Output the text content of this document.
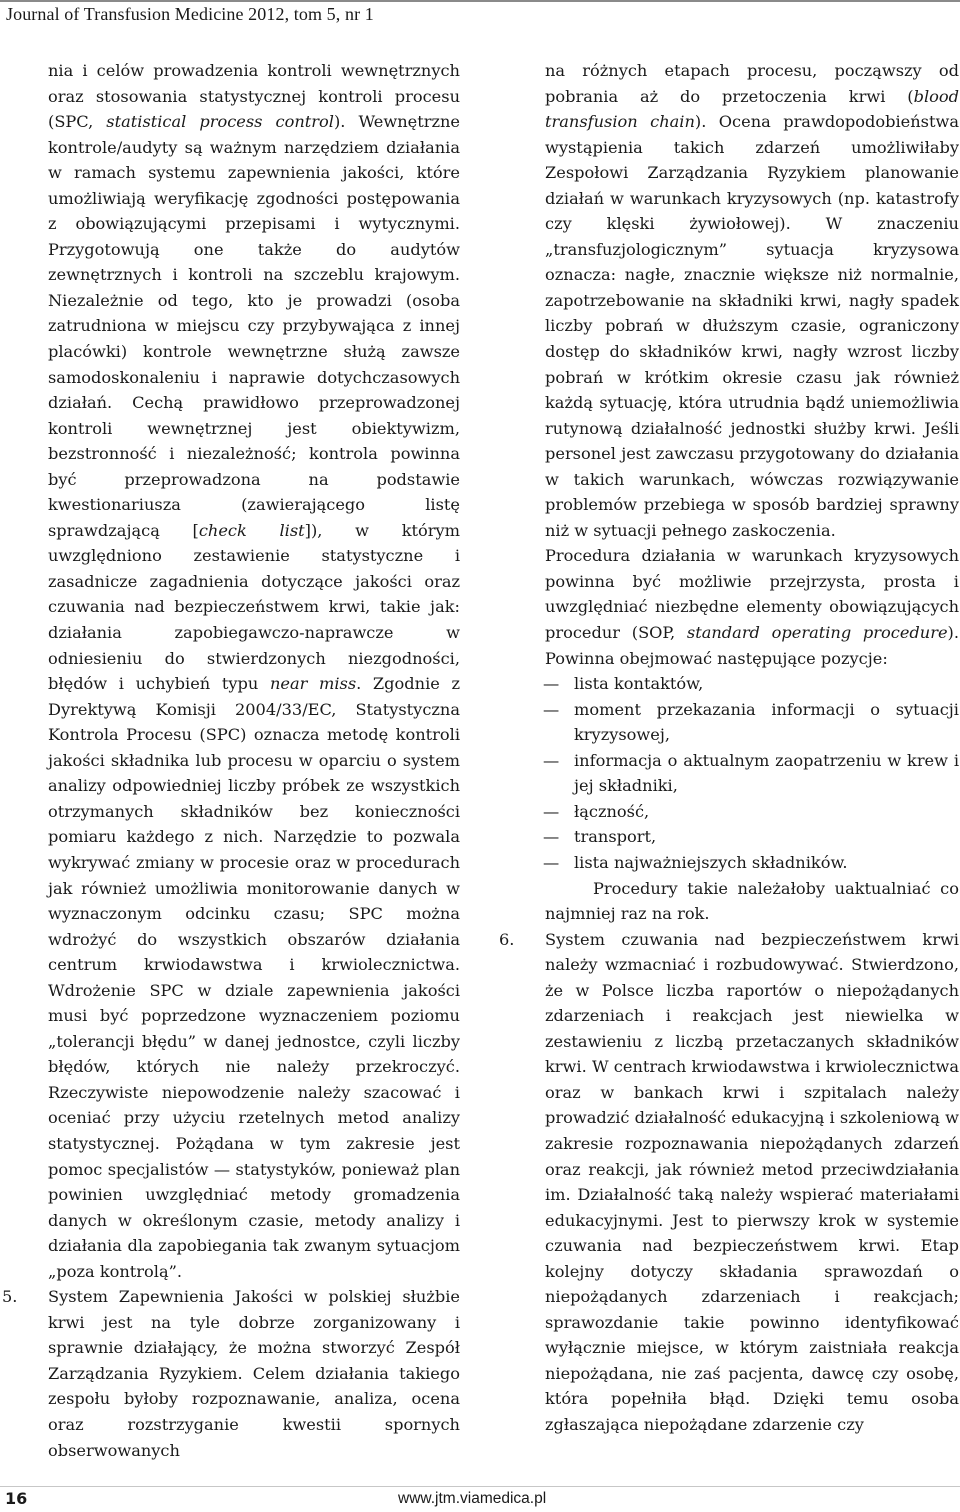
Journal of Transfusion Medicine 2012, tom 5, nr 1

nia i celów prowadzenia kontroli wewnętrznych oraz stosowania statystycznej kontroli procesu (SPC, statistical process control). Wewnętrzne kontrole/audyty są ważnym narzędziem działania w ramach systemu zapewnienia jakości, które umożliwiają weryfikację zgodności postępowania z obowiązującymi przepisami i wytycznymi. Przygotowują one także do audytów zewnętrznych i kontroli na szczeblu krajowym. Niezależnie od tego, kto je prowadzi (osoba zatrudniona w miejscu czy przybywająca z innej placówki) kontrole wewnętrzne służą zawsze samodoskonaleniu i naprawie dotychczasowych działań. Cechą prawidłowo przeprowadzonej kontroli wewnętrznej jest obiektywizm, bezstronność i niezależność; kontrola powinna być przeprowadzona na podstawie kwestionariusza (zawierającego listę sprawdzającą [check list]), w którym uwzględniono zestawienie statystyczne i zasadnicze zagadnienia dotyczące jakości oraz czuwania nad bezpieczeństwem krwi, takie jak: działania zapobiegawczo-naprawcze w odniesieniu do stwierdzonych niezgodności, błędów i uchybień typu near miss. Zgodnie z Dyrektywą Komisji 2004/33/EC, Statystyczna Kontrola Procesu (SPC) oznacza metodę kontroli jakości składnika lub procesu w oparciu o system analizy odpowiedniej liczby próbek ze wszystkich otrzymanych składników bez konieczności pomiaru każdego z nich. Narzędzie to pozwala wykrywać zmiany w procesie oraz w procedurach jak również umożliwia monitorowanie danych w wyznaczonym odcinku czasu; SPC można wdrożyć do wszystkich obszarów działania centrum krwiodawstwa i krwiolecznictwa. Wdrożenie SPC w dziale zapewnienia jakości musi być poprzedzone wyznaczeniem poziomu „tolerancji błędu” w danej jednostce, czyli liczby błędów, których nie należy przekroczyć. Rzeczywiste niepowodzenie należy szacować i oceniać przy użyciu rzetelnych metod analizy statystycznej. Pożądana w tym zakresie jest pomoc specjalistów — statystyków, ponieważ plan powinien uwzględniać metody gromadzenia danych w określonym czasie, metody analizy i działania dla zapobiegania tak zwanym sytuacjom „poza kontrolą”.

5. System Zapewnienia Jakości w polskiej służbie krwi jest na tyle dobrze zorganizowany i sprawnie działający, że można stworzyć Zespół Zarządzania Ryzykiem. Celem działania takiego zespołu byłoby rozpoznawanie, analiza, ocena oraz rozstrzyganie kwestii spornych obserwowanych

na różnych etapach procesu, począwszy od pobrania aż do przetoczenia krwi (blood transfusion chain). Ocena prawdopodobieństwa wystąpienia takich zdarzeń umożliwiłaby Zespołowi Zarządzania Ryzykiem planowanie działań w warunkach kryzysowych (np. katastrofy czy klęski żywiołowej). W znaczeniu „transfuzjologicznym” sytuacja kryzysowa oznacza: nagłe, znacznie większe niż normalnie, zapotrzebowanie na składniki krwi, nagły spadek liczby pobrań w dłuższym czasie, ograniczony dostęp do składników krwi, nagły wzrost liczby pobrań w krótkim okresie czasu jak również każdą sytuację, która utrudnia bądź uniemożliwia rutynową działalność jednostki służby krwi. Jeśli personel jest zawczasu przygotowany do działania w takich warunkach, wówczas rozwiązywanie problemów przebiega w sposób bardziej sprawny niż w sytuacji pełnego zaskoczenia.

Procedura działania w warunkach kryzysowych powinna być możliwie przejrzysta, prosta i uwzględniać niezbędne elementy obowiązujących procedur (SOP, standard operating procedure). Powinna obejmować następujące pozycje:

— lista kontaktów,

— moment przekazania informacji o sytuacji kryzysowej,

— informacja o aktualnym zaopatrzeniu w krew i jej składniki,

— łączność,

— transport,

— lista najważniejszych składników.

Procedury takie należałoby uaktualniać co najmniej raz na rok.

6. System czuwania nad bezpieczeństwem krwi należy wzmacniać i rozbudowywać. Stwierdzono, że w Polsce liczba raportów o niepożądanych zdarzeniach i reakcjach jest niewielka w zestawieniu z liczbą przetaczanych składników krwi. W centrach krwiodawstwa i krwiolecznictwa oraz w bankach krwi i szpitalach należy prowadzić działalność edukacyjną i szkoleniową w zakresie rozpoznawania niepożądanych zdarzeń oraz reakcji, jak również metod przeciwdziałania im. Działalność taką należy wspierać materiałami edukacyjnymi. Jest to pierwszy krok w systemie czuwania nad bezpieczeństwem krwi. Etap kolejny dotyczy składania sprawozdań o niepożądanych zdarzeniach i reakcjach; sprawozdanie takie powinno identyfikować wyłącznie miejsce, w którym zaistniała reakcja niepożądana, nie zaś pacjenta, dawcę czy osobę, która popełniła błąd. Dzięki temu osoba zgłaszająca niepożądane zdarzenie czy

16	www.jtm.viamedica.pl
